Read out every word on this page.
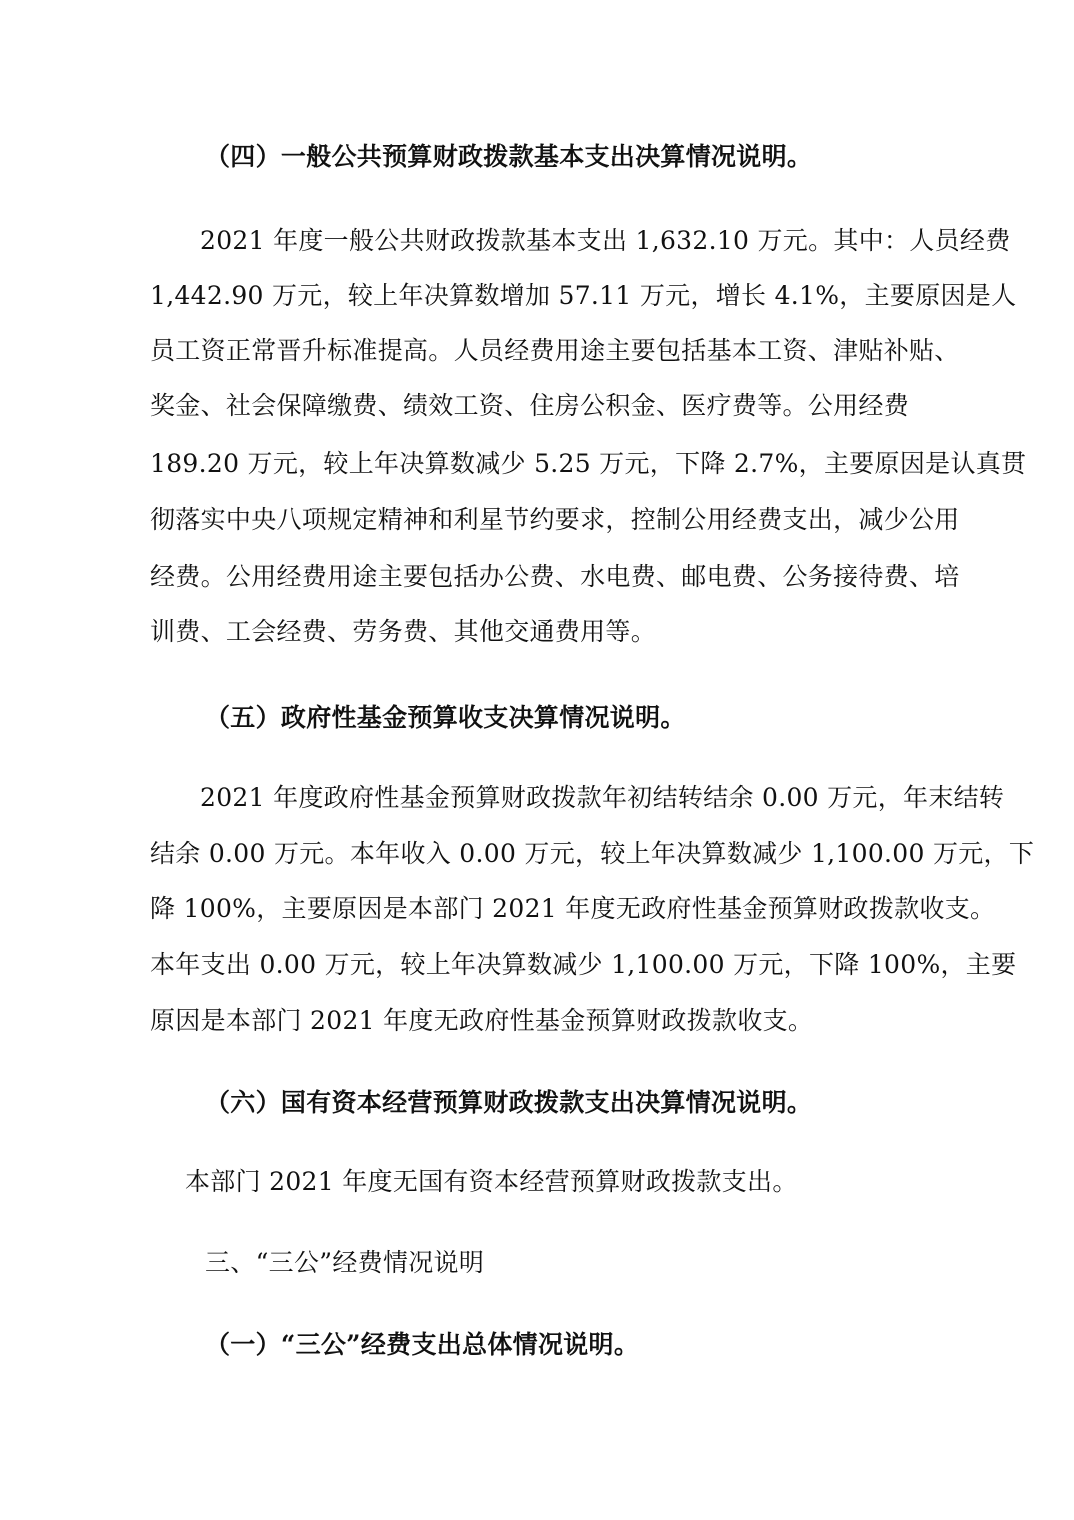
（四）一般公共预算财政拨款基本支出决算情况说明。
2021 年度一般公共财政拨款基本支出 1,632.10 万元。其中：人员经费
1,442.90 万元，较上年决算数增加 57.11 万元，增长 4.1%，主要原因是人
员工资正常晋升标准提高。人员经费用途主要包括基本工资、津贴补贴、
奖金、社会保障缴费、绩效工资、住房公积金、医疗费等。公用经费
189.20 万元，较上年决算数减少 5.25 万元，下降 2.7%，主要原因是认真贯
彻落实中央八项规定精神和利星节约要求，控制公用经费支出，减少公用
经费。公用经费用途主要包括办公费、水电费、邮电费、公务接待费、培
训费、工会经费、劳务费、其他交通费用等。
（五）政府性基金预算收支决算情况说明。
2021 年度政府性基金预算财政拨款年初结转结余 0.00 万元，年末结转
结余 0.00 万元。本年收入 0.00 万元，较上年决算数减少 1,100.00 万元，下
降 100%，主要原因是本部门 2021 年度无政府性基金预算财政拨款收支。
本年支出 0.00 万元，较上年决算数减少 1,100.00 万元，下降 100%，主要
原因是本部门 2021 年度无政府性基金预算财政拨款收支。
（六）国有资本经营预算财政拨款支出决算情况说明。
本部门 2021 年度无国有资本经营预算财政拨款支出。
三、“三公”经费情况说明
（一）“三公”经费支出总体情况说明。
